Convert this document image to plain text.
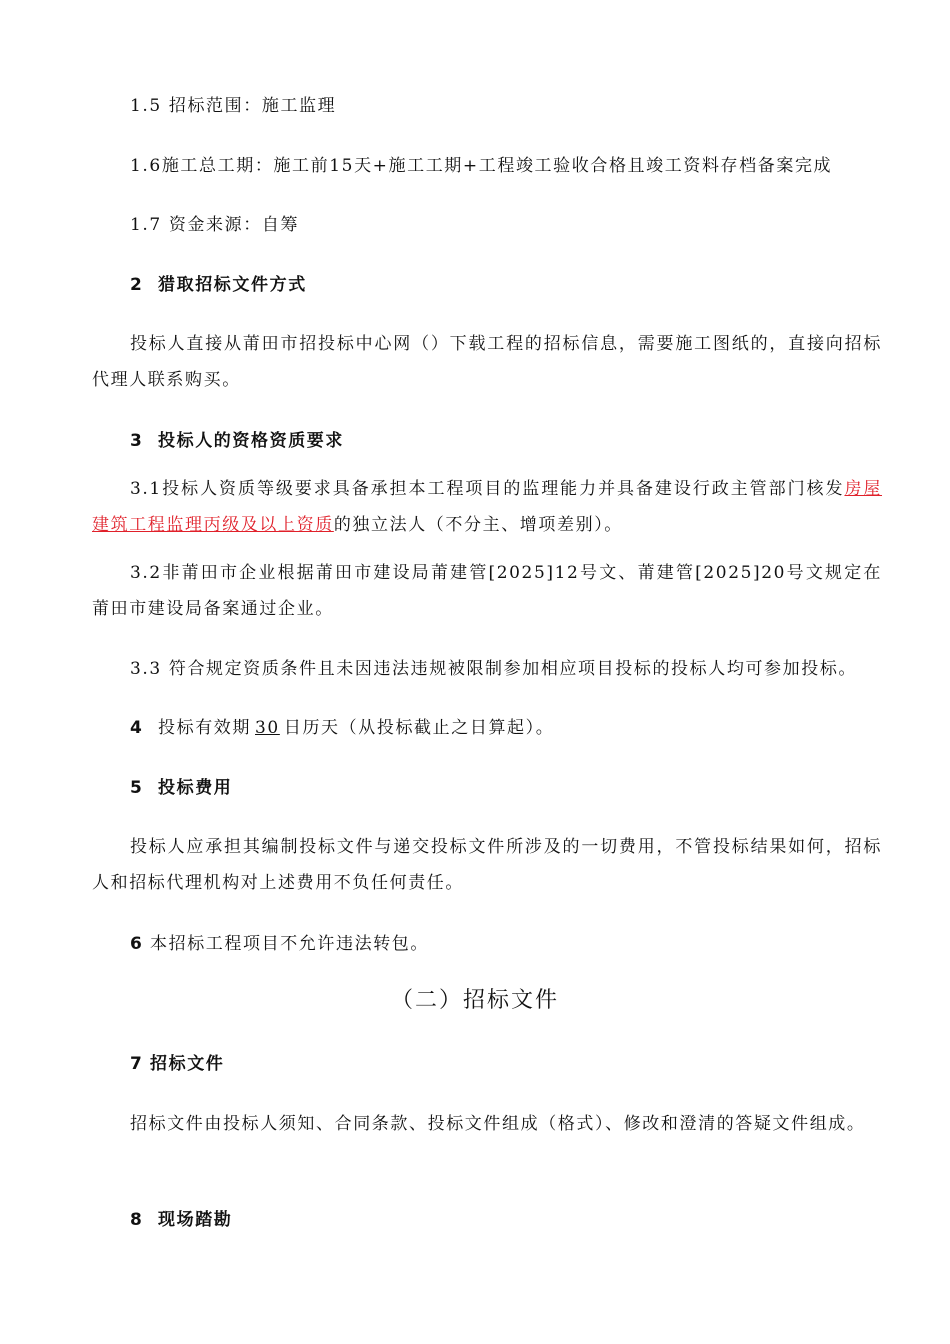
1.5 招标范围：施工监理
1.6施工总工期：施工前15天+施工工期+工程竣工验收合格且竣工资料存档备案完成
1.7 资金来源：自筹
2 猎取招标文件方式
投标人直接从莆田市招投标中心网（）下载工程的招标信息，需要施工图纸的，直接向招标代理人联系购买。
3 投标人的资格资质要求
3.1投标人资质等级要求具备承担本工程项目的监理能力并具备建设行政主管部门核发房屋建筑工程监理丙级及以上资质的独立法人（不分主、增项差别）。
3.2非莆田市企业根据莆田市建设局莆建管[2025]12号文、莆建管[2025]20号文规定在莆田市建设局备案通过企业。
3.3 符合规定资质条件且未因违法违规被限制参加相应项目投标的投标人均可参加投标。
4 投标有效期 30 日历天（从投标截止之日算起）。
5 投标费用
投标人应承担其编制投标文件与递交投标文件所涉及的一切费用，不管投标结果如何，招标人和招标代理机构对上述费用不负任何责任。
6 本招标工程项目不允许违法转包。
（二）招标文件
7 招标文件
招标文件由投标人须知、合同条款、投标文件组成（格式）、修改和澄清的答疑文件组成。
8 现场踏勘
